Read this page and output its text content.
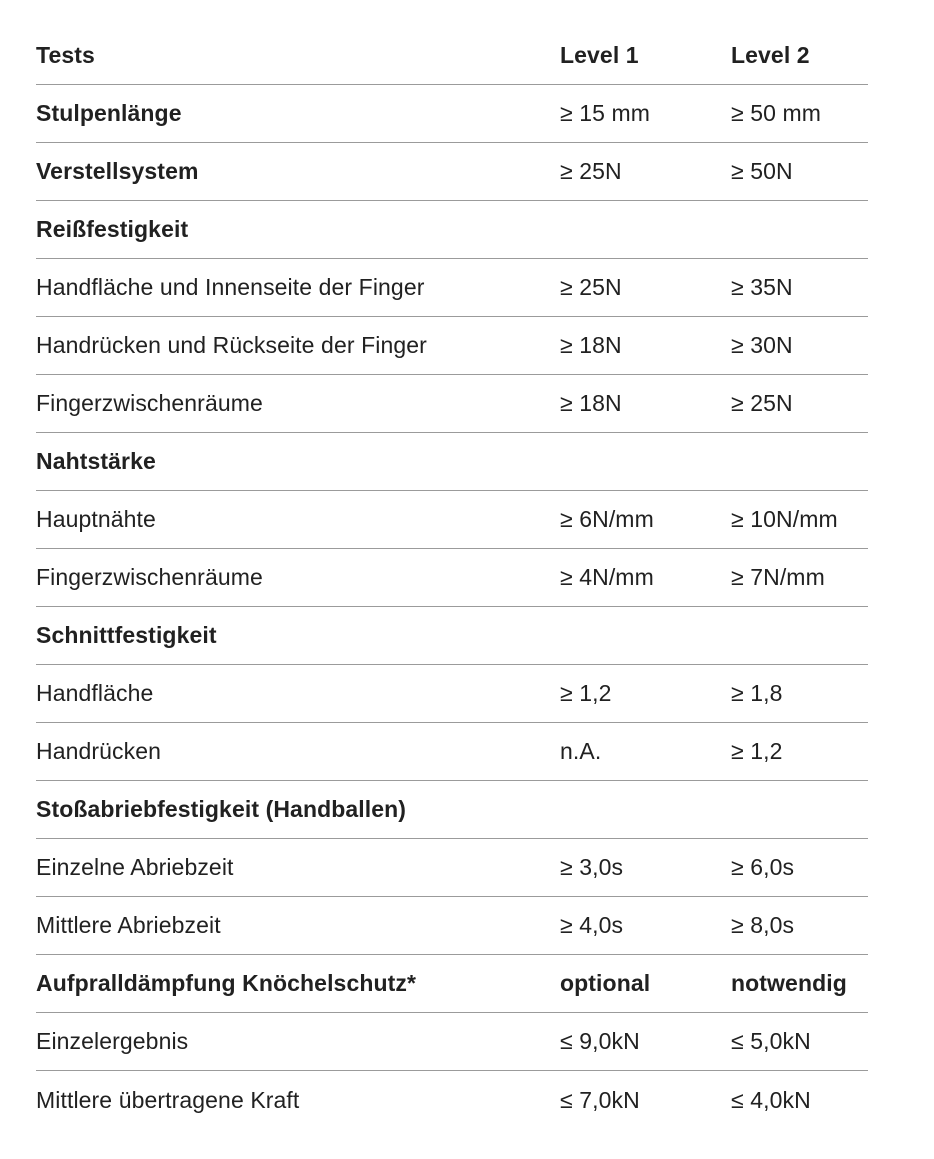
Tests	Level 1	Level 2
Stulpenlänge	≥ 15 mm	≥ 50 mm
Verstellsystem	≥ 25N	≥ 50N
Reißfestigkeit
Handfläche und Innenseite der Finger	≥ 25N	≥ 35N
Handrücken und Rückseite der Finger	≥ 18N	≥ 30N
Fingerzwischenräume	≥ 18N	≥ 25N
Nahtstärke
Hauptnähte	≥ 6N/mm	≥ 10N/mm
Fingerzwischenräume	≥ 4N/mm	≥ 7N/mm
Schnittfestigkeit
Handfläche	≥ 1,2	≥ 1,8
Handrücken	n.A.	≥ 1,2
Stoßabriebfestigkeit (Handballen)
Einzelne Abriebzeit	≥ 3,0s	≥ 6,0s
Mittlere Abriebzeit	≥ 4,0s	≥ 8,0s
Aufpralldämpfung Knöchelschutz*	optional	notwendig
Einzelergebnis	≤ 9,0kN	≤ 5,0kN
Mittlere übertragene Kraft	≤ 7,0kN	≤ 4,0kN
